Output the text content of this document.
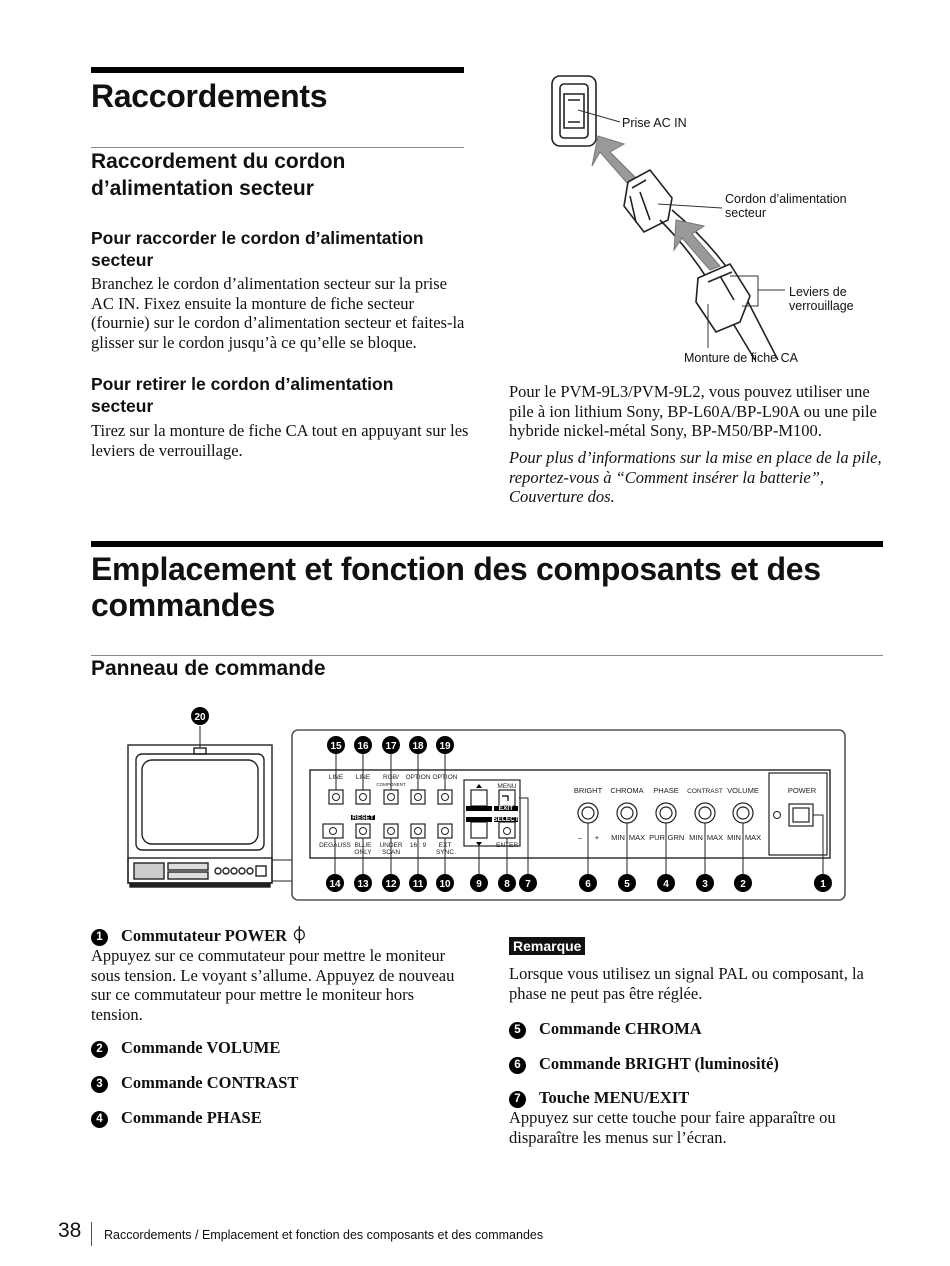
Raccordements
Raccordement du cordon
d’alimentation secteur
Pour raccorder le cordon d’alimentation
secteur
Branchez le cordon d’alimentation secteur sur la prise
AC IN. Fixez ensuite la monture de fiche secteur
(fournie) sur le cordon d’alimentation secteur et faites-la
glisser sur le cordon jusqu’à ce qu’elle se bloque.
Pour retirer le cordon d’alimentation
secteur
Tirez sur la monture de fiche CA tout en appuyant sur les
leviers de verrouillage.
Prise AC IN
Cordon d’alimentation
secteur
Leviers de
verrouillage
Monture de fiche CA
Pour le PVM-9L3/PVM-9L2, vous pouvez utiliser une
pile à ion lithium Sony, BP-L60A/BP-L90A ou une pile
hybride nickel-métal Sony, BP-M50/BP-M100.
Pour plus d’informations sur la mise en place de la pile,
reportez-vous à “Comment insérer la batterie”,
Couverture dos.
Emplacement et fonction des composants et des
commandes
Panneau de commande
20
LINE LINE RGB/
COMPONENT
OPTION OPTION
DEGAUSS BLUE
ONLY
UNDER
SCAN
16 : 9 EXT
SYNC
MENU
ENTER
RESET
EXIT
SELECT
BRIGHT CHROMA PHASE CONTRAST VOLUME	POWER
– + MIN MAX PUR GRN MIN MAX MIN MAX
15 16 17 18 19
14 13 12 11 10	9 8 7	6	5	4	3	2	1
1 Commutateur POWER ⏀
Appuyez sur ce commutateur pour mettre le moniteur
sous tension. Le voyant s’allume. Appuyez de nouveau
sur ce commutateur pour mettre le moniteur hors
tension.
2 Commande VOLUME
3 Commande CONTRAST
4 Commande PHASE
Remarque
Lorsque vous utilisez un signal PAL ou composant, la
phase ne peut pas être réglée.
5 Commande CHROMA
6 Commande BRIGHT (luminosité)
7 Touche MENU/EXIT
Appuyez sur cette touche pour faire apparaître ou
disparaître les menus sur l’écran.
38 Raccordements / Emplacement et fonction des composants et des commandes
